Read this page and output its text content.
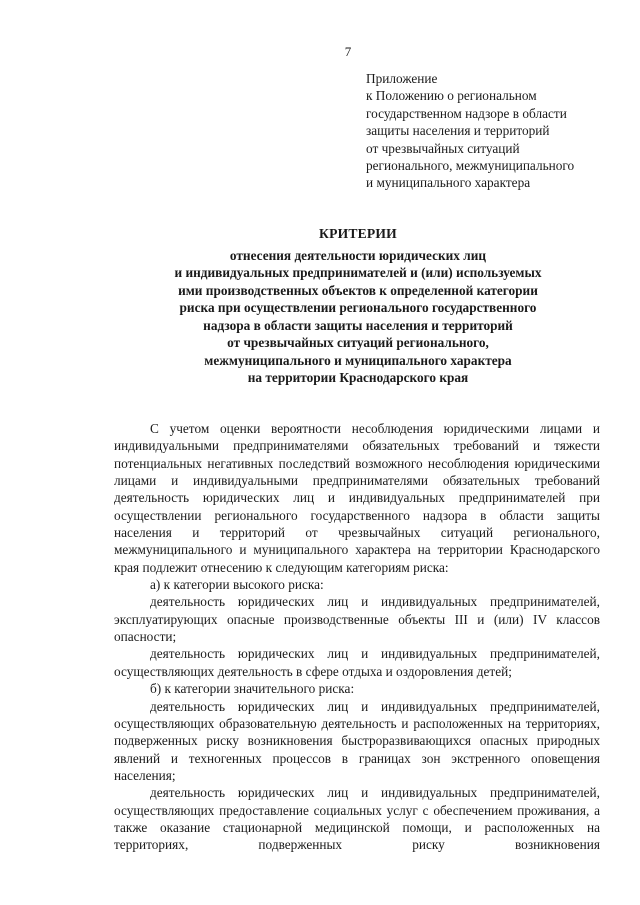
7
Приложение
к Положению о региональном
государственном надзоре в области
защиты населения и территорий
от чрезвычайных ситуаций
регионального, межмуниципального
и муниципального характера
КРИТЕРИИ
отнесения деятельности юридических лиц
и индивидуальных предпринимателей и (или) используемых
ими производственных объектов к определенной категории
риска при осуществлении регионального государственного
надзора в области защиты населения и территорий
от чрезвычайных ситуаций регионального,
межмуниципального и муниципального характера
на территории Краснодарского края

С учетом оценки вероятности несоблюдения юридическими лицами и индивидуальными предпринимателями обязательных требований и тяжести потенциальных негативных последствий возможного несоблюдения юридическими лицами и индивидуальными предпринимателями обязательных требований деятельность юридических лиц и индивидуальных предпринимателей при осуществлении регионального государственного надзора в области защиты населения и территорий от чрезвычайных ситуаций регионального, межмуниципального и муниципального характера на территории Краснодарского края подлежит отнесению к следующим категориям риска:

а) к категории высокого риска:

деятельность юридических лиц и индивидуальных предпринимателей, эксплуатирующих опасные производственные объекты III и (или) IV классов опасности;

деятельность юридических лиц и индивидуальных предпринимателей, осуществляющих деятельность в сфере отдыха и оздоровления детей;

б) к категории значительного риска:

деятельность юридических лиц и индивидуальных предпринимателей, осуществляющих образовательную деятельность и расположенных на территориях, подверженных риску возникновения быстроразвивающихся опасных природных явлений и техногенных процессов в границах зон экстренного оповещения населения;

деятельность юридических лиц и индивидуальных предпринимателей, осуществляющих предоставление социальных услуг с обеспечением проживания, а также оказание стационарной медицинской помощи, и расположенных на территориях, подверженных риску возникновения
